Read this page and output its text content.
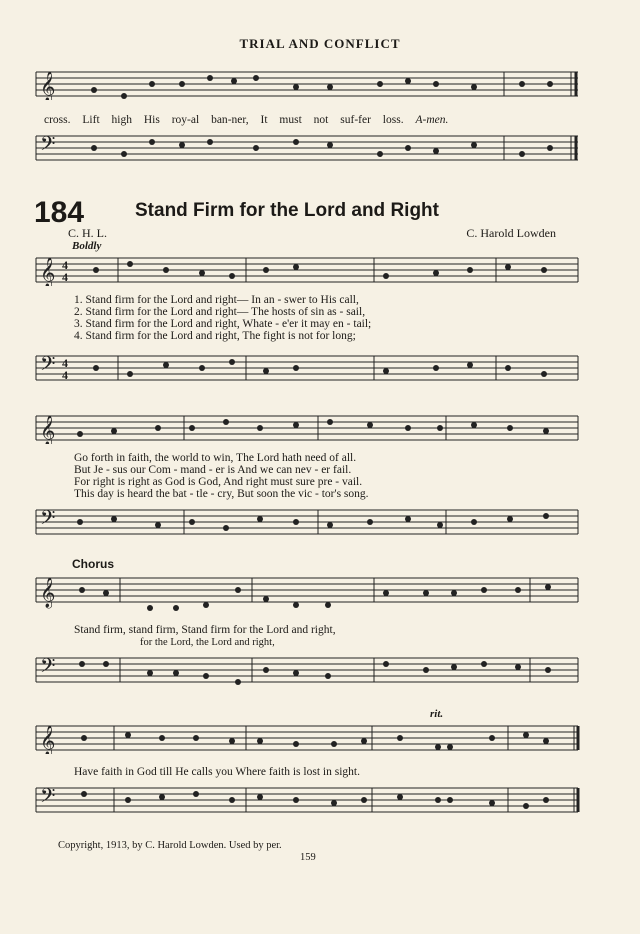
TRIAL AND CONFLICT
𝄞
cross. Lift high His roy-al ban-ner, It must not suf-fer loss. A-men.
𝄢
184	Stand Firm for the Lord and Right
C. H. L.	C. Harold Lowden
Boldly
𝄞 4
4
1. Stand firm for the Lord and right— In an - swer to His call,
2. Stand firm for the Lord and right— The hosts of sin as - sail,
3. Stand firm for the Lord and right, Whate - e'er it may en - tail;
4. Stand firm for the Lord and right, The fight is not for long;
𝄢 4
4
𝄞
Go forth in faith, the world to win, The Lord hath need of all.
But Je - sus our Com - mand - er is And we can nev - er fail.
For right is right as God is God, And right must sure pre - vail.
This day is heard the bat - tle - cry, But soon the vic - tor's song.
𝄢
Chorus
𝄞
Stand firm, stand firm, Stand firm for the Lord and right,
for the Lord, the Lord and right,
𝄢
rit.
𝄞
Have faith in God till He calls you Where faith is lost in sight.
𝄢
Copyright, 1913, by C. Harold Lowden. Used by per.
159
